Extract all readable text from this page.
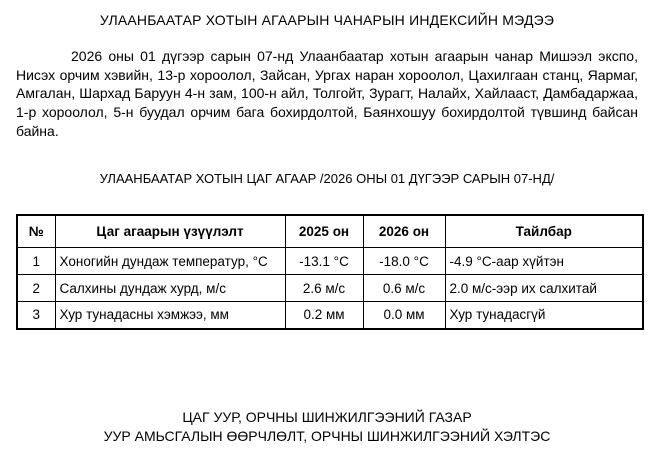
УЛААНБААТАР ХОТЫН АГААРЫН ЧАНАРЫН ИНДЕКСИЙН МЭДЭЭ

2026 оны 01 дүгээр сарын 07-нд Улаанбаатар хотын агаарын чанар Мишээл экспо, Нисэх орчим хэвийн, 13-р хороолол, Зайсан, Ургах наран хороолол, Цахилгаан станц, Яармаг, Амгалан, Шархад Баруун 4-н зам, 100-н айл, Толгойт, Зурагт, Налайх, Хайлааст, Дамбадаржаа, 1-р хороолол, 5-н буудал орчим бага бохирдолтой, Баянхошуу бохирдолтой түвшинд байсан байна.

УЛААНБААТАР ХОТЫН ЦАГ АГААР /2026 ОНЫ 01 ДҮГЭЭР САРЫН 07-НД/
№	Цаг агаарын үзүүлэлт	2025 он	2026 он	Тайлбар
1	Хоногийн дундаж температур, °С	-13.1 °С	-18.0 °С	-4.9 °С-аар хүйтэн
2	Салхины дундаж хурд, м/с	2.6 м/с	0.6 м/с	2.0 м/с-ээр их салхитай
3	Хур тунадасны хэмжээ, мм	0.2 мм	0.0 мм	Хур тунадасгүй
ЦАГ УУР, ОРЧНЫ ШИНЖИЛГЭЭНИЙ ГАЗАР
УУР АМЬСГАЛЫН ӨӨРЧЛӨЛТ, ОРЧНЫ ШИНЖИЛГЭЭНИЙ ХЭЛТЭС
